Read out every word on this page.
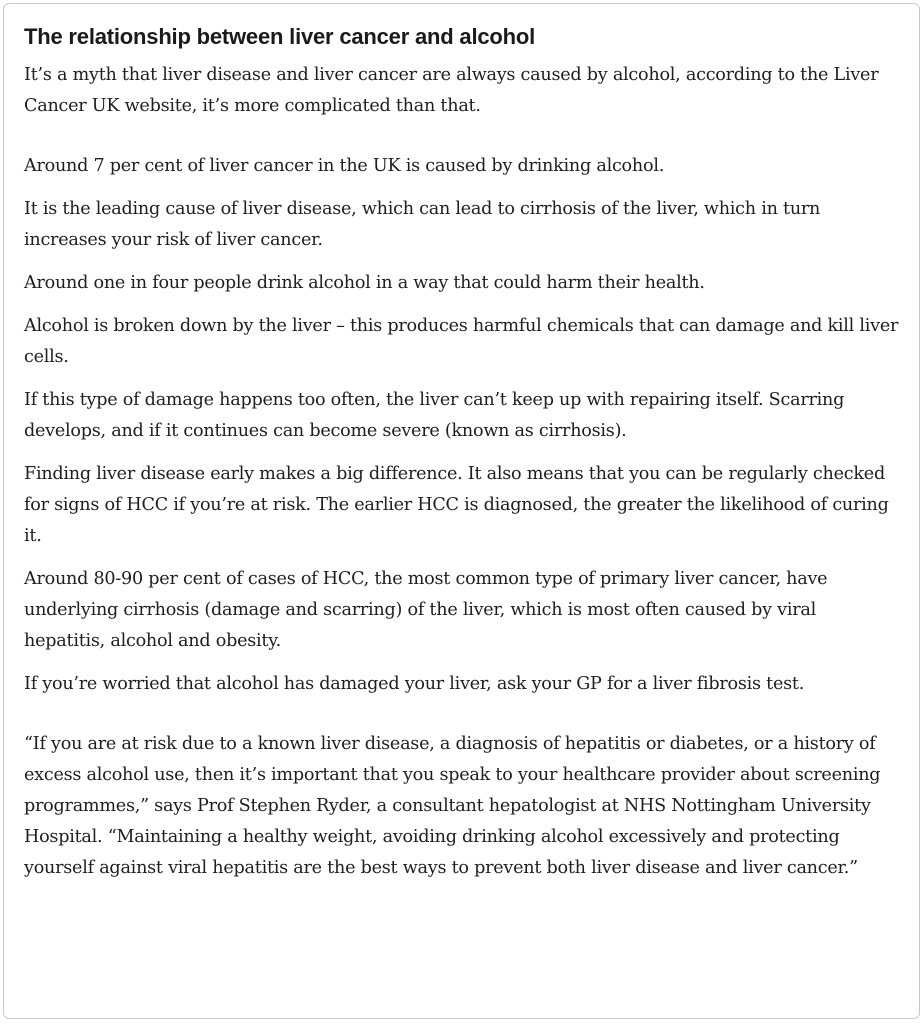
The relationship between liver cancer and alcohol

It’s a myth that liver disease and liver cancer are always caused by alcohol, according to the Liver Cancer UK website, it’s more complicated than that.

Around 7 per cent of liver cancer in the UK is caused by drinking alcohol.

It is the leading cause of liver disease, which can lead to cirrhosis of the liver, which in turn increases your risk of liver cancer.

Around one in four people drink alcohol in a way that could harm their health.

Alcohol is broken down by the liver – this produces harmful chemicals that can damage and kill liver cells.

If this type of damage happens too often, the liver can’t keep up with repairing itself. Scarring develops, and if it continues can become severe (known as cirrhosis).

Finding liver disease early makes a big difference. It also means that you can be regularly checked for signs of HCC if you’re at risk. The earlier HCC is diagnosed, the greater the likelihood of curing it.

Around 80-90 per cent of cases of HCC, the most common type of primary liver cancer, have underlying cirrhosis (damage and scarring) of the liver, which is most often caused by viral hepatitis, alcohol and obesity.

If you’re worried that alcohol has damaged your liver, ask your GP for a liver fibrosis test.

“If you are at risk due to a known liver disease, a diagnosis of hepatitis or diabetes, or a history of excess alcohol use, then it’s important that you speak to your healthcare provider about screening programmes,” says Prof Stephen Ryder, a consultant hepatologist at NHS Nottingham University Hospital. “Maintaining a healthy weight, avoiding drinking alcohol excessively and protecting yourself against viral hepatitis are the best ways to prevent both liver disease and liver cancer.”
